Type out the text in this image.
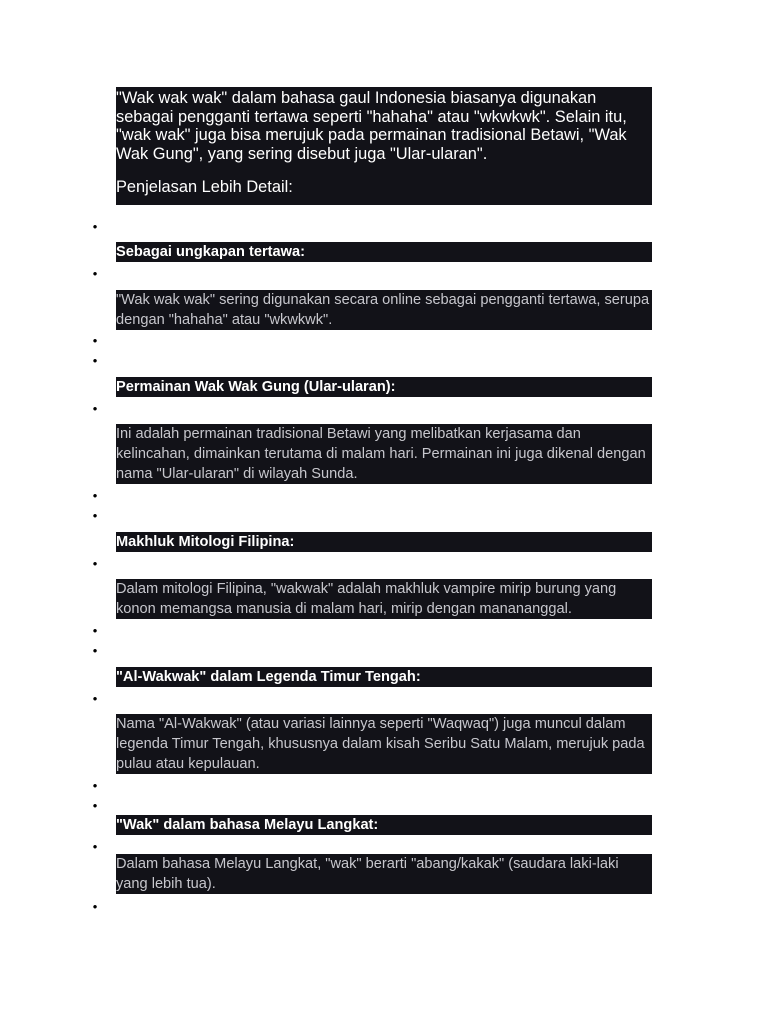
"Wak wak wak" dalam bahasa gaul Indonesia biasanya digunakan sebagai pengganti tertawa seperti "hahaha" atau "wkwkwk". Selain itu, "wak wak" juga bisa merujuk pada permainan tradisional Betawi, "Wak Wak Gung", yang sering disebut juga "Ular-ularan".

Penjelasan Lebih Detail:

•
Sebagai ungkapan tertawa:
•
"Wak wak wak" sering digunakan secara online sebagai pengganti tertawa, serupa dengan "hahaha" atau "wkwkwk".
•
•
Permainan Wak Wak Gung (Ular-ularan):
•
Ini adalah permainan tradisional Betawi yang melibatkan kerjasama dan kelincahan, dimainkan terutama di malam hari. Permainan ini juga dikenal dengan nama "Ular-ularan" di wilayah Sunda.
•
•
Makhluk Mitologi Filipina:
•
Dalam mitologi Filipina, "wakwak" adalah makhluk vampire mirip burung yang konon memangsa manusia di malam hari, mirip dengan manananggal.
•
•
"Al-Wakwak" dalam Legenda Timur Tengah:
•
Nama "Al-Wakwak" (atau variasi lainnya seperti "Waqwaq") juga muncul dalam legenda Timur Tengah, khususnya dalam kisah Seribu Satu Malam, merujuk pada pulau atau kepulauan.
•
•
"Wak" dalam bahasa Melayu Langkat:
•
Dalam bahasa Melayu Langkat, "wak" berarti "abang/kakak" (saudara laki-laki yang lebih tua).
•
